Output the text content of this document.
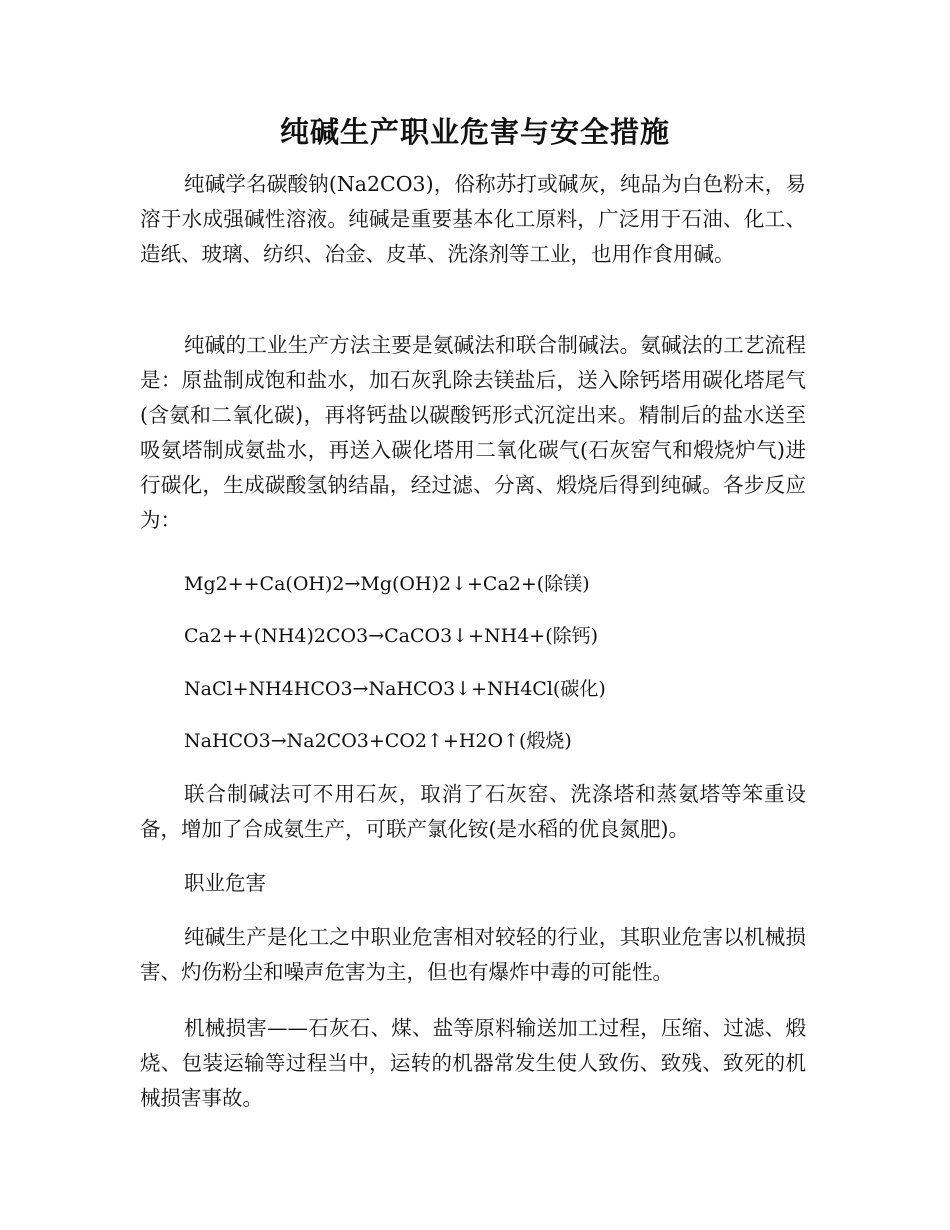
纯碱生产职业危害与安全措施

纯碱学名碳酸钠(Na2CO3)，俗称苏打或碱灰，纯品为白色粉末，易溶于水成强碱性溶液。纯碱是重要基本化工原料，广泛用于石油、化工、造纸、玻璃、纺织、冶金、皮革、洗涤剂等工业，也用作食用碱。

纯碱的工业生产方法主要是氨碱法和联合制碱法。氨碱法的工艺流程是：原盐制成饱和盐水，加石灰乳除去镁盐后，送入除钙塔用碳化塔尾气(含氨和二氧化碳)，再将钙盐以碳酸钙形式沉淀出来。精制后的盐水送至吸氨塔制成氨盐水，再送入碳化塔用二氧化碳气(石灰窑气和煅烧炉气)进行碳化，生成碳酸氢钠结晶，经过滤、分离、煅烧后得到纯碱。各步反应为：

Mg2++Ca(OH)2→Mg(OH)2↓+Ca2+(除镁)

Ca2++(NH4)2CO3→CaCO3↓+NH4+(除钙)

NaCl+NH4HCO3→NaHCO3↓+NH4Cl(碳化)

NaHCO3→Na2CO3+CO2↑+H2O↑(煅烧)

联合制碱法可不用石灰，取消了石灰窑、洗涤塔和蒸氨塔等笨重设备，增加了合成氨生产，可联产氯化铵(是水稻的优良氮肥)。

职业危害

纯碱生产是化工之中职业危害相对较轻的行业，其职业危害以机械损害、灼伤粉尘和噪声危害为主，但也有爆炸中毒的可能性。

机械损害——石灰石、煤、盐等原料输送加工过程，压缩、过滤、煅烧、包装运输等过程当中，运转的机器常发生使人致伤、致残、致死的机械损害事故。
